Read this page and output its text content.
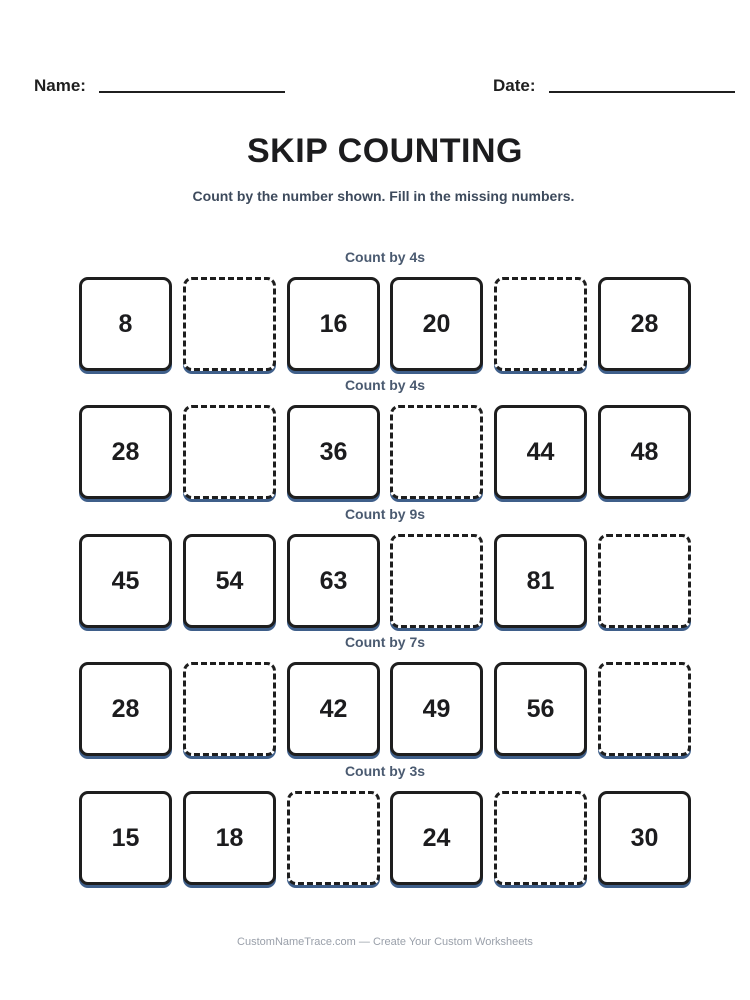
Name:	Date:
SKIP COUNTING

Count by the number shown. Fill in the missing numbers.

Count by 4s
8	16	20	28
Count by 4s
28	36	44	48
Count by 9s
45	54	63	81
Count by 7s
28	42	49	56
Count by 3s
15	18	24	30
CustomNameTrace.com — Create Your Custom Worksheets
